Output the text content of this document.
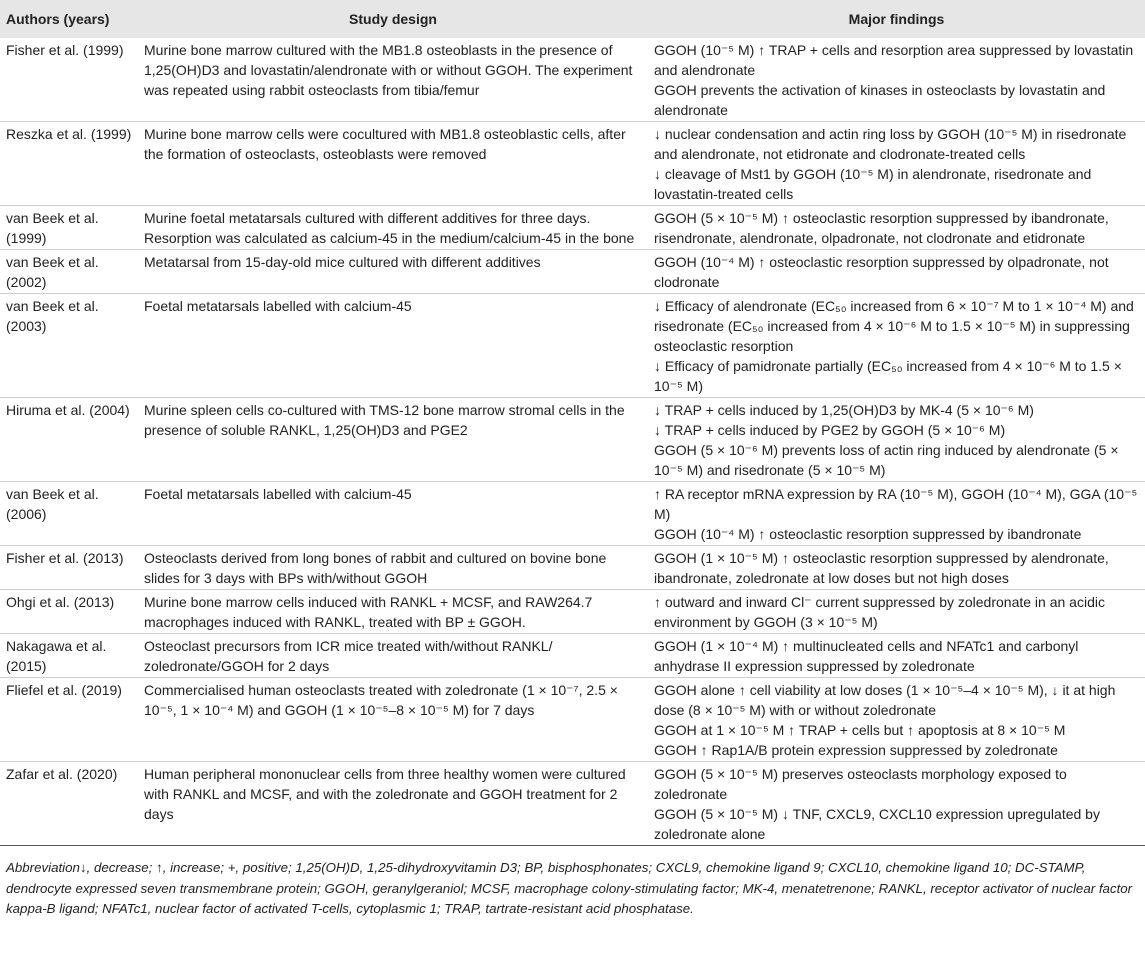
Authors (years)	Study design	Major findings
Fisher et al. (1999)	Murine bone marrow cultured with the MB1.8 osteoblasts in the presence of 1,25(OH)D3 and lovastatin/alendronate with or without GGOH. The experiment was repeated using rabbit osteoclasts from tibia/femur	GGOH (10⁻⁵ M) ↑ TRAP + cells and resorption area suppressed by lovastatin and alendronate
GGOH prevents the activation of kinases in osteoclasts by lovastatin and alendronate

Reszka et al. (1999)	Murine bone marrow cells were cocultured with MB1.8 osteoblastic cells, after the formation of osteoclasts, osteoblasts were removed	↓ nuclear condensation and actin ring loss by GGOH (10⁻⁵ M) in risedronate and alendronate, not etidronate and clodronate-treated cells
↓ cleavage of Mst1 by GGOH (10⁻⁵ M) in alendronate, risedronate and lovastatin-treated cells

van Beek et al. (1999)	Murine foetal metatarsals cultured with different additives for three days. Resorption was calculated as calcium-45 in the medium/calcium-45 in the bone	GGOH (5 × 10⁻⁵ M) ↑ osteoclastic resorption suppressed by ibandronate, risendronate, alendronate, olpadronate, not clodronate and etidronate

van Beek et al. (2002)	Metatarsal from 15-day-old mice cultured with different additives	GGOH (10⁻⁴ M) ↑ osteoclastic resorption suppressed by olpadronate, not clodronate

van Beek et al. (2003)	Foetal metatarsals labelled with calcium-45	↓ Efficacy of alendronate (EC₅₀ increased from 6 × 10⁻⁷ M to 1 × 10⁻⁴ M) and risedronate (EC₅₀ increased from 4 × 10⁻⁶ M to 1.5 × 10⁻⁵ M) in suppressing osteoclastic resorption
↓ Efficacy of pamidronate partially (EC₅₀ increased from 4 × 10⁻⁶ M to 1.5 × 10⁻⁵ M)

Hiruma et al. (2004)	Murine spleen cells co-cultured with TMS-12 bone marrow stromal cells in the presence of soluble RANKL, 1,25(OH)D3 and PGE2	↓ TRAP + cells induced by 1,25(OH)D3 by MK-4 (5 × 10⁻⁶ M)
↓ TRAP + cells induced by PGE2 by GGOH (5 × 10⁻⁶ M)
GGOH (5 × 10⁻⁶ M) prevents loss of actin ring induced by alendronate (5 × 10⁻⁵ M) and risedronate (5 × 10⁻⁵ M)

van Beek et al. (2006)	Foetal metatarsals labelled with calcium-45	↑ RA receptor mRNA expression by RA (10⁻⁵ M), GGOH (10⁻⁴ M), GGA (10⁻⁵ M)
GGOH (10⁻⁴ M) ↑ osteoclastic resorption suppressed by ibandronate

Fisher et al. (2013)	Osteoclasts derived from long bones of rabbit and cultured on bovine bone slides for 3 days with BPs with/without GGOH	GGOH (1 × 10⁻⁵ M) ↑ osteoclastic resorption suppressed by alendronate, ibandronate, zoledronate at low doses but not high doses

Ohgi et al. (2013)	Murine bone marrow cells induced with RANKL + MCSF, and RAW264.7 macrophages induced with RANKL, treated with BP ± GGOH.	↑ outward and inward Cl⁻ current suppressed by zoledronate in an acidic environment by GGOH (3 × 10⁻⁵ M)

Nakagawa et al. (2015)	Osteoclast precursors from ICR mice treated with/without RANKL/ zoledronate/GGOH for 2 days	GGOH (1 × 10⁻⁴ M) ↑ multinucleated cells and NFATc1 and carbonyl anhydrase II expression suppressed by zoledronate

Fliefel et al. (2019)	Commercialised human osteoclasts treated with zoledronate (1 × 10⁻⁷, 2.5 × 10⁻⁵, 1 × 10⁻⁴ M) and GGOH (1 × 10⁻⁵–8 × 10⁻⁵ M) for 7 days	GGOH alone ↑ cell viability at low doses (1 × 10⁻⁵–4 × 10⁻⁵ M), ↓ it at high dose (8 × 10⁻⁵ M) with or without zoledronate
GGOH at 1 × 10⁻⁵ M ↑ TRAP + cells but ↑ apoptosis at 8 × 10⁻⁵ M
GGOH ↑ Rap1A/B protein expression suppressed by zoledronate

Zafar et al. (2020)	Human peripheral mononuclear cells from three healthy women were cultured with RANKL and MCSF, and with the zoledronate and GGOH treatment for 2 days	GGOH (5 × 10⁻⁵ M) preserves osteoclasts morphology exposed to zoledronate
GGOH (5 × 10⁻⁵ M) ↓ TNF, CXCL9, CXCL10 expression upregulated by zoledronate alone
Abbreviation↓, decrease; ↑, increase; +, positive; 1,25(OH)D, 1,25-dihydroxyvitamin D3; BP, bisphosphonates; CXCL9, chemokine ligand 9; CXCL10, chemokine ligand 10; DC-STAMP, dendrocyte expressed seven transmembrane protein; GGOH, geranylgeraniol; MCSF, macrophage colony-stimulating factor; MK-4, menatetrenone; RANKL, receptor activator of nuclear factor kappa-B ligand; NFATc1, nuclear factor of activated T-cells, cytoplasmic 1; TRAP, tartrate-resistant acid phosphatase.
